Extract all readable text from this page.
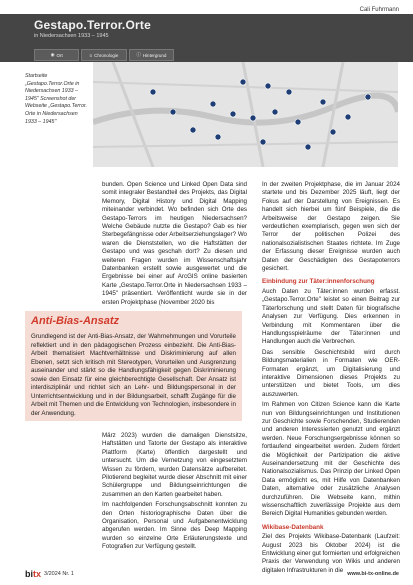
Cali Fuhrmann
Gestapo.Terror.Orte
in Niedersachsen 1933 – 1945
◉ Ort	≡ Chronologie	ⓘ Hintergrund
Startseite „Gestapo.Terror.Orte in Niedersachsen 1933 – 1945" Screenshot der Webseite „Gestapo.Terror. Orte in Niedersachsen 1933 – 1945"

bunden. Open Science und Linked Open Data sind somit integraler Bestandteil des Projekts, das Digital Memory, Digital History und Digital Mapping miteinander verbindet. Wo befinden sich Orte des Gestapo-Terrors im heutigen Niedersachsen? Welche Gebäude nutzte die Gestapo? Gab es hier Sterbegefängnisse oder Arbeitserziehungslager? Wo waren die Dienststellen, wo die Haftstätten der Gestapo und was geschah dort? Zu diesen und weiteren Fragen wurden im Wissenschaftsjahr Datenbanken erstellt sowie ausgewertet und die Ergebnisse bei einer auf ArcGIS online basierten Karte „Gestapo.Terror.Orte in Niedersachsen 1933 – 1945" präsentiert. Veröffentlicht wurde sie in der ersten Projektphase (November 2020 bis

Anti-Bias-Ansatz
Grundlegend ist der Anti-Bias-Ansatz, der Wahrnehmungen und Vorurteile reflektiert und in den pädagogischen Prozess einbezieht. Die Anti-Bias-Arbeit thematisiert Machtverhältnisse und Diskriminierung auf allen Ebenen, setzt sich kritisch mit Stereotypen, Vorurteilen und Ausgrenzung auseinander und stärkt so die Handlungsfähigkeit gegen Diskriminierung sowie den Einsatz für eine gleichberechtigte Gesellschaft. Der Ansatz ist interdisziplinär und richtet sich an Lehr- und Bildungspersonal in der Unterrichtsentwicklung und in der Bildungsarbeit, schafft Zugänge für die Arbeit mit Themen und die Entwicklung von Technologien, insbesondere in der Anwendung.

März 2023) wurden die damaligen Dienstsitze, Haftstätten und Tatorte der Gestapo als interaktive Plattform (Karte) öffentlich dargestellt und untersucht. Um die Vernetzung von eingesetztem Wissen zu fördern, wurden Datensätze aufbereitet. Pilotierend begleitet wurde dieser Abschnitt mit einer Schülergruppe und Bildungseinrichtungen die zusammen an den Karten gearbeitet haben.

Im nachfolgenden Forschungsabschnitt konnten zu den Orten historiographische Daten über die Organisation, Personal und Aufgabenentwicklung abgerufen werden. Im Sinne des Deep Mapping wurden so einzelne Orte Erläuterungstexte und Fotografien zur Verfügung gestellt.

In der zweiten Projektphase, die im Januar 2024 startete und bis Dezember 2025 läuft, liegt der Fokus auf der Darstellung von Ereignissen. Es handelt sich hierbei um fünf Beispiele, die die Arbeitsweise der Gestapo zeigen. Sie verdeutlichen exemplarisch, gegen wen sich der Terror der politischen Polizei des nationalsozialistischen Staates richtete. Im Zuge der Erfassung dieser Ereignisse wurden auch Daten der Geschädigten des Gestapoterrors gesichert.

Einbindung zur Täter:innenforschung

Auch Daten zu Täter:innen wurden erfasst. „Gestapo.Terror.Orte" leistet so einen Beitrag zur Täterforschung und stellt Daten für biografische Analysen zur Verfügung. Dies erkennen in Verbindung mit Kommentaren über die Handlungsspielräume der Täter:innen und Handlungen auch die Verbrechen.

Das sensible Geschichtsbild wird durch Bildungsmaterialien in Formaten wie OER-Formaten ergänzt, um Digitalisierung und interaktive Dimensionen dieses Projekts zu unterstützen und bietet Tools, um dies auszuwerten.

Im Rahmen von Citizen Science kann die Karte nun von Bildungseinrichtungen und Institutionen zur Geschichte sowie Forschenden, Studierenden und anderen Interessierten genutzt und ergänzt werden. Neue Forschungsergebnisse können so fortlaufend eingearbeitet werden. Zudem fördert die Möglichkeit der Partizipation die aktive Auseinandersetzung mit der Geschichte des Nationalsozialismus. Das Prinzip der Linked Open Data ermöglicht es, mit Hilfe von Datenbanken Daten, alternative oder zusätzliche Analysen durchzuführen. Die Webseite kann, mithin wissenschaftlich zuverlässige Projekte aus dem Bereich Digital Humanities gebunden werden.

Wikibase-Datenbank

Ziel des Projekts Wikibase-Datenbank (Laufzeit: August 2023 bis Oktober 2024) ist die Entwicklung einer gut formierten und erfolgreichen Praxis der Verwendung von Wikis und anderen digitalen Infrastrukturen in die

bitx 3/2024 Nr. 1	www.bi-tx-online.de
